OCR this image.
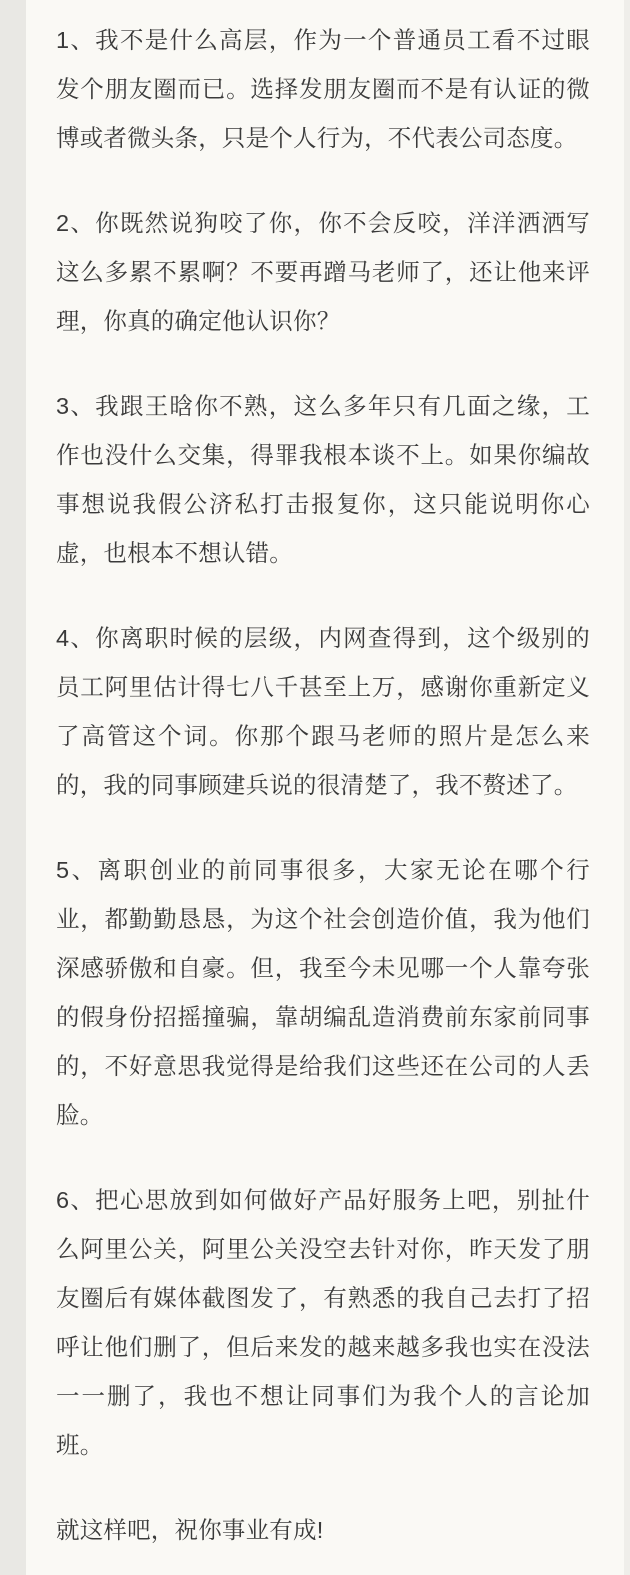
1、我不是什么高层，作为一个普通员工看不过眼发个朋友圈而已。选择发朋友圈而不是有认证的微博或者微头条，只是个人行为，不代表公司态度。

2、你既然说狗咬了你，你不会反咬，洋洋洒洒写这么多累不累啊？不要再蹭马老师了，还让他来评理，你真的确定他认识你？

3、我跟王晗你不熟，这么多年只有几面之缘，工作也没什么交集，得罪我根本谈不上。如果你编故事想说我假公济私打击报复你，这只能说明你心虚，也根本不想认错。

4、你离职时候的层级，内网查得到，这个级别的员工阿里估计得七八千甚至上万，感谢你重新定义了高管这个词。你那个跟马老师的照片是怎么来的，我的同事顾建兵说的很清楚了，我不赘述了。

5、离职创业的前同事很多，大家无论在哪个行业，都勤勤恳恳，为这个社会创造价值，我为他们深感骄傲和自豪。但，我至今未见哪一个人靠夸张的假身份招摇撞骗，靠胡编乱造消费前东家前同事的，不好意思我觉得是给我们这些还在公司的人丢脸。

6、把心思放到如何做好产品好服务上吧，别扯什么阿里公关，阿里公关没空去针对你，昨天发了朋友圈后有媒体截图发了，有熟悉的我自己去打了招呼让他们删了，但后来发的越来越多我也实在没法一一删了，我也不想让同事们为我个人的言论加班。

就这样吧，祝你事业有成!
